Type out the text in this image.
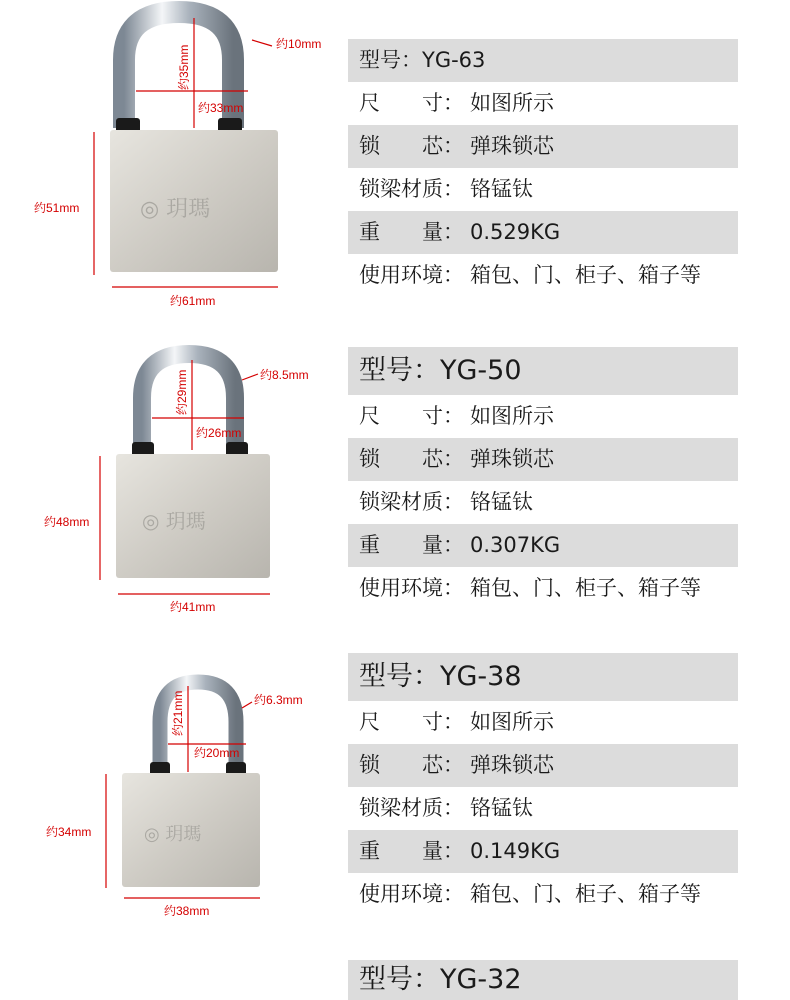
◎ 玥瑪
约35mm
约10mm
约33mm
约51mm
约61mm
型号：YG-63
尺　　寸： 如图所示
锁　　芯： 弹珠锁芯
锁梁材质： 铬锰钛
重　　量： 0.529KG
使用环境： 箱包、门、柜子、箱子等
◎ 玥瑪
约29mm	约8.5mm
约26mm
约48mm
约41mm
型号：YG-50
尺　　寸： 如图所示
锁　　芯： 弹珠锁芯
锁梁材质： 铬锰钛
重　　量： 0.307KG
使用环境： 箱包、门、柜子、箱子等
◎ 玥瑪
约21mm	约6.3mm
约20mm
约34mm
约38mm
型号：YG-38
尺　　寸： 如图所示
锁　　芯： 弹珠锁芯
锁梁材质： 铬锰钛
重　　量： 0.149KG
使用环境： 箱包、门、柜子、箱子等
型号：YG-32
